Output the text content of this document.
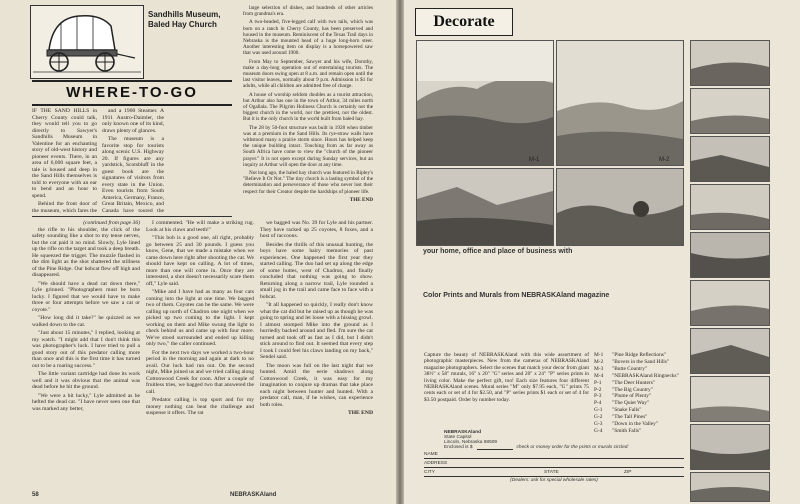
Sandhills Museum, Baled Hay Church
WHERE-TO-GO

IF THE SAND HILLS in Cherry County could talk, they would tell you to go directly to Sawyer's Sandhills Museum in Valentine for an enchanting story of old-west history and pioneer events. There, in an area of 6,000 square feet, a tale is housed and deep in the Sand Hills themselves is told to everyone with an ear to bend and an hour to spend.

Behind the front door of the museum, which fares the

and a 1900 Steamer. A 1911 Austro-Daimler, the only known one of its kind, draws plenty of glances.

The museum is a favorite stop for tourists along scenic U.S. Highway 20. If figures are any yardstick, Scotsbluff in the guest book are the signatures of visitors from every state in the Union. Even tourists from South America, Germany, France, Great Britain, Mexico, and Canada have toured the

large selection of dishes, and hundreds of other articles from grandma's era.

A two-headed, five-legged calf with two tails, which was born on a ranch in Cherry County, has been preserved and housed in the museum. Reminiscent of the Texas Trail days in Nebraska is the mounted head of a huge long-horn steer. Another interesting item on display is a horsepowered saw that was used around 1900.

From May to September, Sawyer and his wife, Dorothy, make a day-long operation out of entertaining tourists. The museum doors swing open at 8 a.m. and remain open until the last visitor leaves, normally about 9 p.m. Admission is $1 for adults, while all children are admitted free of charge.

A house of worship seldom doubles as a tourist attraction, but Arthur also has one in the town of Arthur, 34 miles north of Ogallala. The Pilgrim Holiness Church is certainly not the biggest church in the world, nor the prettiest, nor the oldest. But it is the only church in the world built from baled hay.

The 28 by 50-foot structure was built in 1928 when timber was at a premium in the Sand Hills. Its rye-straw walls have withstood many a prairie storm since. Hours has helped keep the unique building intact. Touching from as far away as South Africa have come to view the "church of the pioneer prayer." It is not open except during Sunday services, but an inquiry at Arthur will open the door at any time.

Not long ago, the baled hay church was featured in Ripley's "Believe It Or Not." The tiny church is a lasting symbol of the determination and perseverance of those who never lost their respect for their Creator despite the hardships of pioneer life.

THE END
(continued from page 36)

the rifle to his shoulder, the click of the safety sounding like a shot to my tense nerves, but the cat paid it no mind. Slowly, Lyle lined up the rifle on the target and took a deep breath. He squeezed the trigger. The muzzle flashed in the dim light as the shot shattered the stillness of the Pine Ridge. Our bobcat flew off high and disappeared.

"We should have a dead cat down there," Lyle grinned. "Photographers must be born lucky. I figured that we would have to make three or four attempts before we saw a cat or coyote."

"How long did it take?" he quizzed as we walked down to the cat.

"Just about 15 minutes," I replied, looking at my watch. "I might add that I don't think this was photographer's luck. I have tried to pull a good story out of this predator calling more than once and this is the first time it has turned out to be a roaring success."

The little variant cartridge had done its work well and it was obvious that the animal was dead before he hit the ground.

"We were a bit lucky," Lyle admitted as he hefted the dead cat. "I have never seen one that was marked any better,

I commented. "He will make a striking rug. Look at his claws and teeth!"

"This bob is a good one, all right, probably go between 25 and 30 pounds. I guess you know, Gene, that we made a mistake when we came down here right after shooting the cat. We should have kept on calling. A lot of times, more than one will come in. Once they are interested, a shot doesn't necessarily scare them off," Lyle said.

"Mike and I have had as many as four cats coming into the light at one time. We bagged two of them. Coyotes can be the same. We were calling up north of Chadron one night when we picked up two coming to the light. I kept working on them and Mike swung the light to check behind us and came up with four more. We've stood surrounded and ended up killing only two," the caller continued.

For the next two days we worked a two-hour period in the morning and again at dark to no avail. Our luck had run out. On the second night, Mike joined us and we tried calling along Cottonwood Creek for coon. After a couple of fruitless tries, we bagged two that answered the call.

Predator calling is top sport and for my money nothing can beat the challenge and suspense it offers. The rat

we bagged was No. 39 for Lyle and his partner. They have racked up 25 coyotes, 8 foxes, and a host of raccoons.

Besides the thrills of this unusual hunting, the boys have some hairy memories of past experiences. One happened the first year they started calling. The duo had set up along the edge of some buttes, west of Chadron, and finally concluded that nothing was going to show. Returning along a narrow trail, Lyle rounded a small jog in the trail and came face to face with a bobcat.

"It all happened so quickly, I really don't know what the cat did but he raised up as though he was going to spring and let loose with a hissing growl. I almost stomped Mike into the ground as I hurriedly backed around and fled. I'm sure the cat turned and took off as fast as I did, but I didn't stick around to find out. It seemed that every step I took I could feel his claws landing on my back," Sendel said.

The moon was full on the last night that we hunted. Amid the eerie shadows along Cottonwood Creek, it was easy for my imagination to conjure up dramas that take place each night between hunter and hunted. With a predator call, man, if he wishes, can experience both roles.

THE END
58	NEBRASKAland
Decorate
M-1	M-2
your home, office and place of business with
Color Prints and Murals from NEBRASKAland magazine
Capture the beauty of NEBRASKAland with this wide assortment of photographic masterpieces. New from the cameras of NEBRASKAland magazine photographers. Select the scenes that match your decor from giant 38½" x 58" murals, 16" x 20" "G" series and 20" x 24" "P" series prints in living color. Make the perfect gift, too! Each size features four different NEBRASKAland scenes. Mural series "M" only $7.95 each, "G" prints 75 cents each or set of 4 for $2.50, and "P" series prints $1 each or set of 4 for $3.50 postpaid. Order by number today.
M-1	"Pine Ridge Reflections"
M-2	"Bovers in the Sand Hills"
M-3	"Butte Country"
M-4	"NEBRASKAland Ringnecks"
P-1	"The Deer Hunters"
P-2	"The Big Country"
P-3	"Plume of Plenty"
P-4	"The Quiet Way"
G-1	"Snake Falls"
G-2	"The Tall Pines"
G-3	"Down in the Valley"
G-4	"Smith Falls"
NEBRASKAland
State Capitol
Lincoln, Nebraska 68509
Enclosed is $	check or money order for the prints or murals circled:
NAME
ADDRESS
CITY	STATE	ZIP
(Dealers: ask for special wholesale rates)
